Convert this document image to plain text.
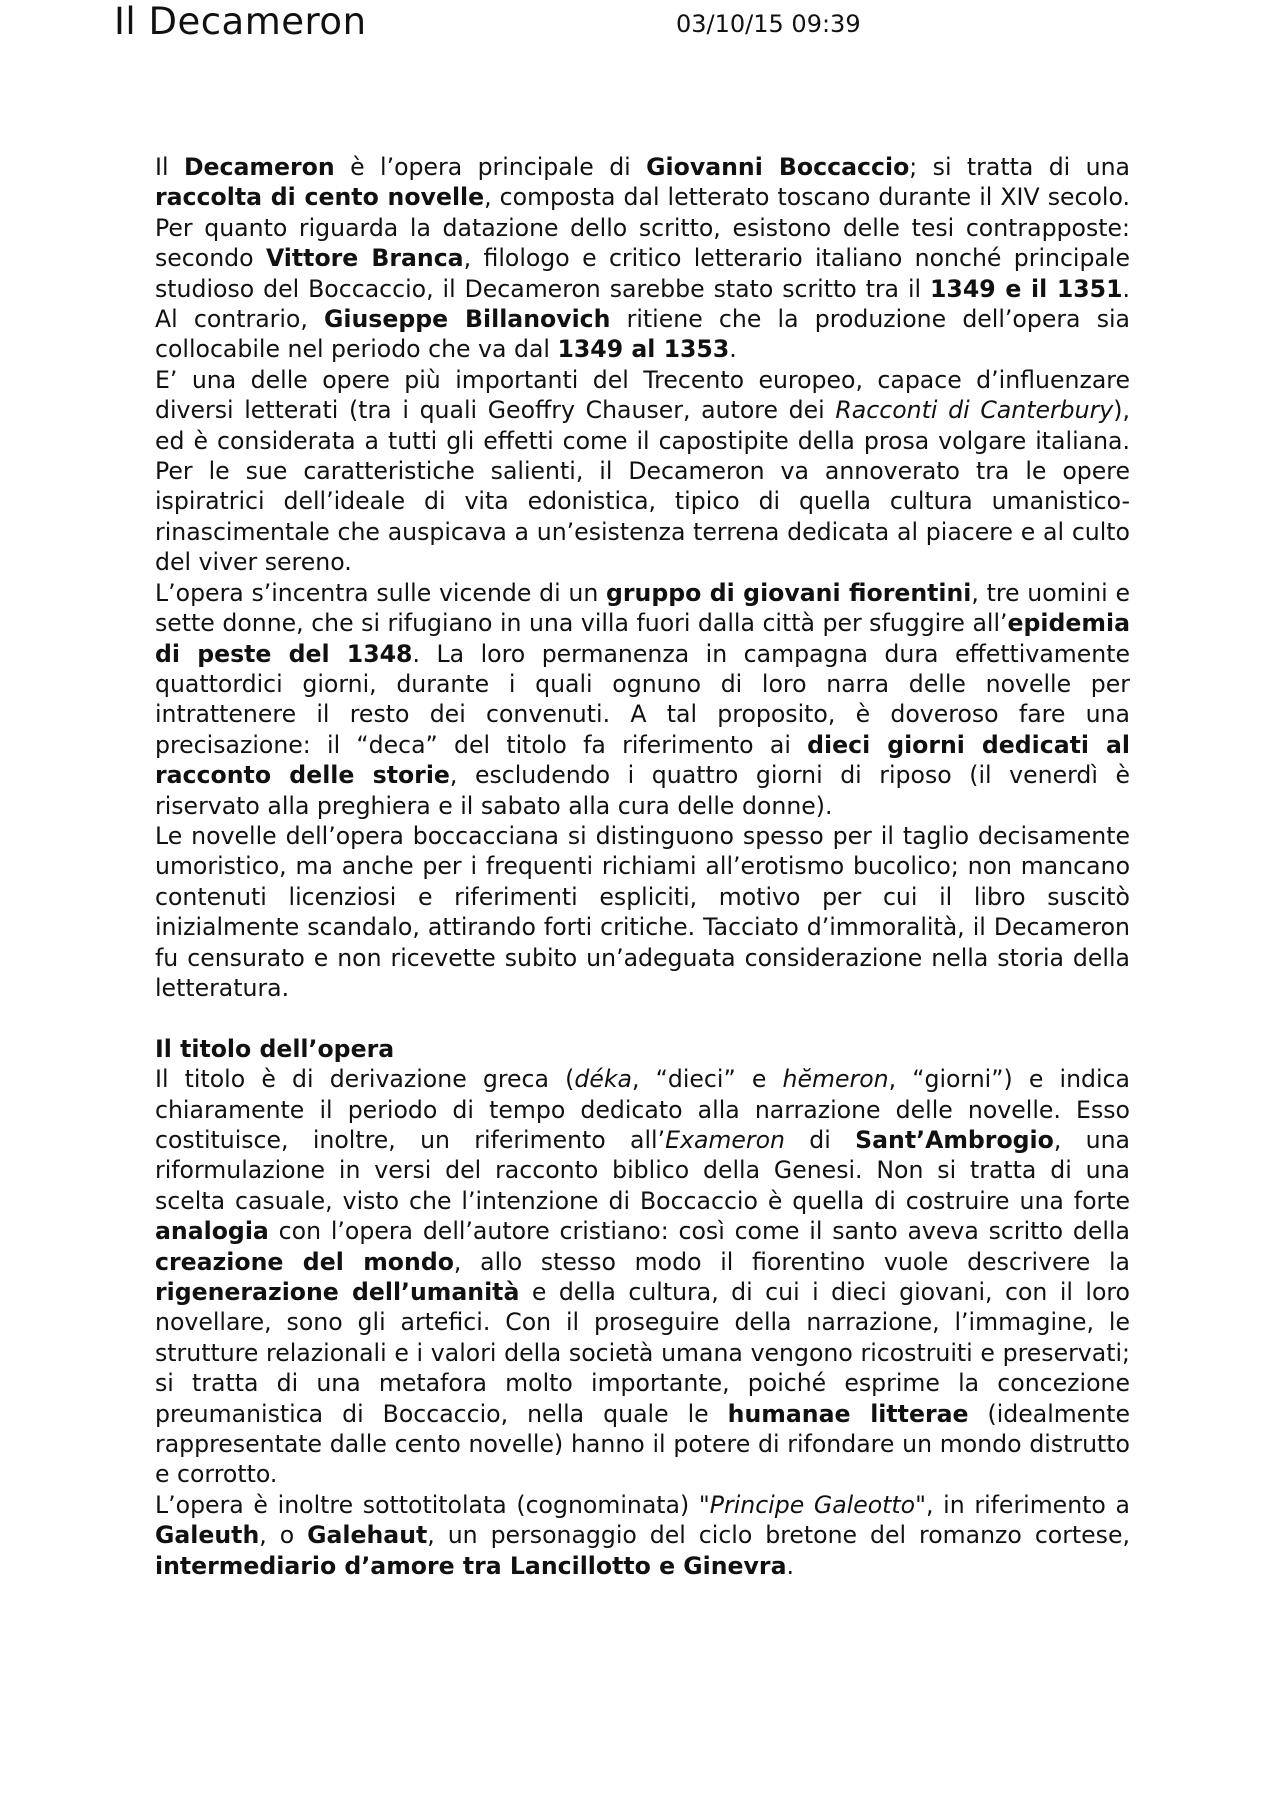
Il Decameron	03/10/15 09:39

Il Decameron è l’opera principale di Giovanni Boccaccio; si tratta di una raccolta di cento novelle, composta dal letterato toscano durante il XIV secolo. Per quanto riguarda la datazione dello scritto, esistono delle tesi contrapposte: secondo Vittore Branca, filologo e critico letterario italiano nonché principale studioso del Boccaccio, il Decameron sarebbe stato scritto tra il 1349 e il 1351. Al contrario, Giuseppe Billanovich ritiene che la produzione dell’opera sia collocabile nel periodo che va dal 1349 al 1353.

E’ una delle opere più importanti del Trecento europeo, capace d’influenzare diversi letterati (tra i quali Geoffry Chauser, autore dei Racconti di Canterbury), ed è considerata a tutti gli effetti come il capostipite della prosa volgare italiana. Per le sue caratteristiche salienti, il Decameron va annoverato tra le opere ispiratrici dell’ideale di vita edonistica, tipico di quella cultura umanistico-rinascimentale che auspicava a un’esistenza terrena dedicata al piacere e al culto del viver sereno.

L’opera s’incentra sulle vicende di un gruppo di giovani fiorentini, tre uomini e sette donne, che si rifugiano in una villa fuori dalla città per sfuggire all’epidemia di peste del 1348. La loro permanenza in campagna dura effettivamente quattordici giorni, durante i quali ognuno di loro narra delle novelle per intrattenere il resto dei convenuti. A tal proposito, è doveroso fare una precisazione: il “deca” del titolo fa riferimento ai dieci giorni dedicati al racconto delle storie, escludendo i quattro giorni di riposo (il venerdì è riservato alla preghiera e il sabato alla cura delle donne).

Le novelle dell’opera boccacciana si distinguono spesso per il taglio decisamente umoristico, ma anche per i frequenti richiami all’erotismo bucolico; non mancano contenuti licenziosi e riferimenti espliciti, motivo per cui il libro suscitò inizialmente scandalo, attirando forti critiche. Tacciato d’immoralità, il Decameron fu censurato e non ricevette subito un’adeguata considerazione nella storia della letteratura.

Il titolo dell’opera

Il titolo è di derivazione greca (déka, “dieci” e hĕmeron, “giorni”) e indica chiaramente il periodo di tempo dedicato alla narrazione delle novelle. Esso costituisce, inoltre, un riferimento all’Exameron di Sant’Ambrogio, una riformulazione in versi del racconto biblico della Genesi. Non si tratta di una scelta casuale, visto che l’intenzione di Boccaccio è quella di costruire una forte analogia con l’opera dell’autore cristiano: così come il santo aveva scritto della creazione del mondo, allo stesso modo il fiorentino vuole descrivere la rigenerazione dell’umanità e della cultura, di cui i dieci giovani, con il loro novellare, sono gli artefici. Con il proseguire della narrazione, l’immagine, le strutture relazionali e i valori della società umana vengono ricostruiti e preservati; si tratta di una metafora molto importante, poiché esprime la concezione preumanistica di Boccaccio, nella quale le humanae litterae (idealmente rappresentate dalle cento novelle) hanno il potere di rifondare un mondo distrutto e corrotto.

L’opera è inoltre sottotitolata (cognominata) "Principe Galeotto", in riferimento a Galeuth, o Galehaut, un personaggio del ciclo bretone del romanzo cortese, intermediario d’amore tra Lancillotto e Ginevra.
